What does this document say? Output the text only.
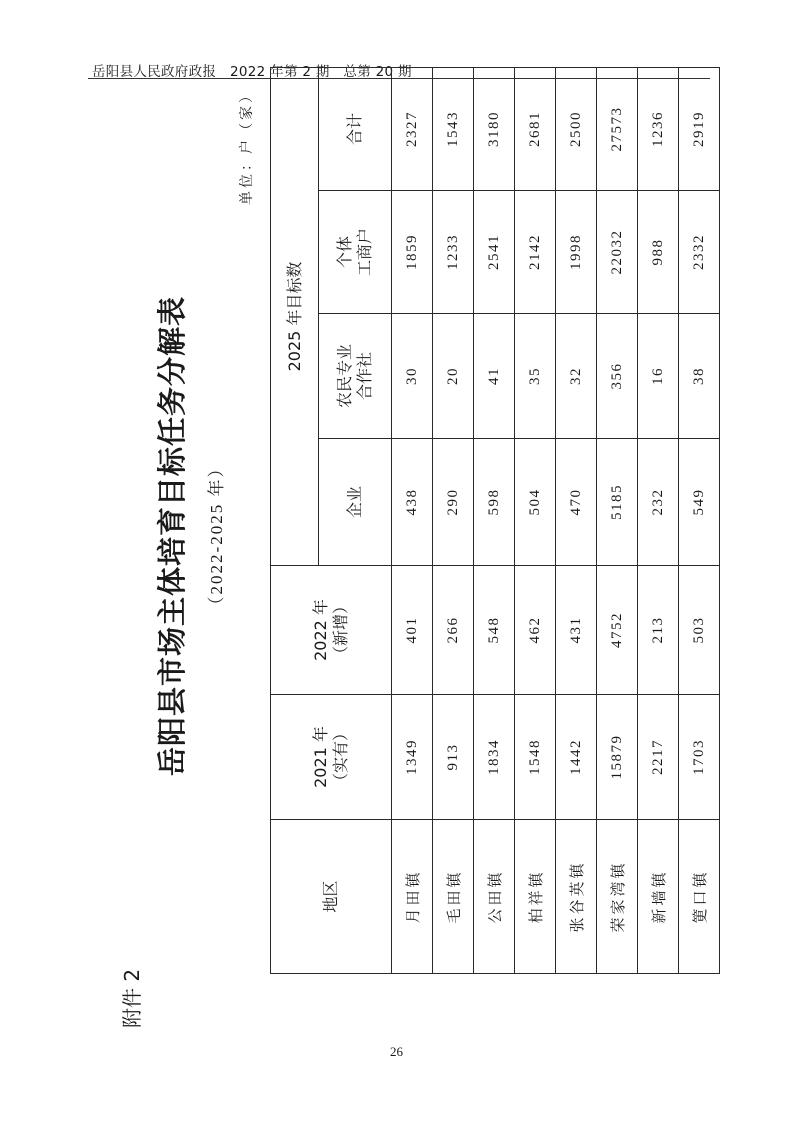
岳阳县人民政府政报　2022 年第 2 期　总第 20 期
附件 2
岳阳县市场主体培育目标任务分解表 （2022-2025 年）
单位：户（家）
地区	2021 年 （实有）	2022 年 （新增）	2025 年目标数			
			企业	农民专业 合作社	个体 工商户	合计
月田镇	1349	401	438	30	1859	2327
毛田镇	913	266	290	20	1233	1543
公田镇	1834	548	598	41	2541	3180
柏祥镇	1548	462	504	35	2142	2681
张谷英镇	1442	431	470	32	1998	2500
荣家湾镇	15879	4752	5185	356	22032	27573
新墙镇	2217	213	232	16	988	1236
筻口镇	1703	503	549	38	2332	2919
26
